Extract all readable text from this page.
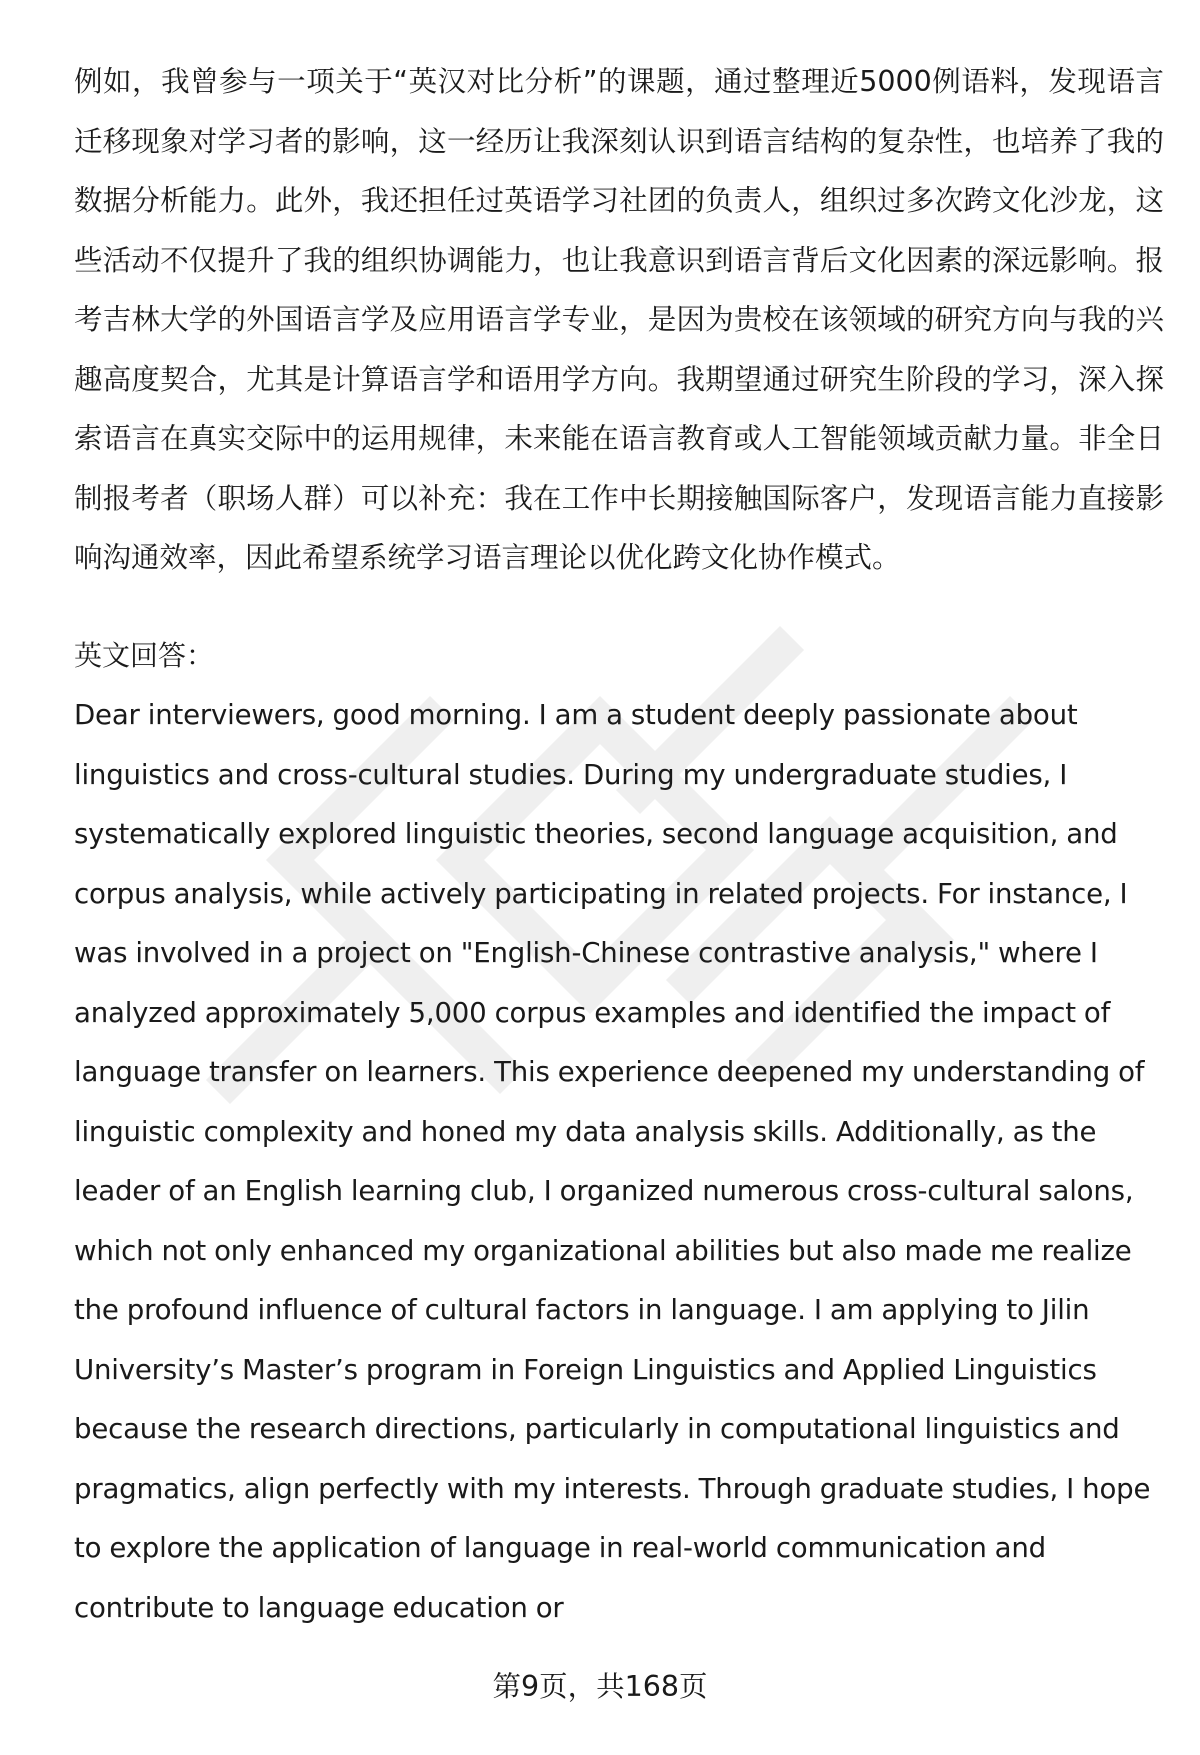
例如，我曾参与一项关于“英汉对比分析”的课题，通过整理近5000例语料，发现语言迁移现象对学习者的影响，这一经历让我深刻认识到语言结构的复杂性，也培养了我的数据分析能力。此外，我还担任过英语学习社团的负责人，组织过多次跨文化沙龙，这些活动不仅提升了我的组织协调能力，也让我意识到语言背后文化因素的深远影响。报考吉林大学的外国语言学及应用语言学专业，是因为贵校在该领域的研究方向与我的兴趣高度契合，尤其是计算语言学和语用学方向。我期望通过研究生阶段的学习，深入探索语言在真实交际中的运用规律，未来能在语言教育或人工智能领域贡献力量。非全日制报考者（职场人群）可以补充：我在工作中长期接触国际客户，发现语言能力直接影响沟通效率，因此希望系统学习语言理论以优化跨文化协作模式。

英文回答：

Dear interviewers, good morning. I am a student deeply passionate about linguistics and cross-cultural studies. During my undergraduate studies, I systematically explored linguistic theories, second language acquisition, and corpus analysis, while actively participating in related projects. For instance, I was involved in a project on "English-Chinese contrastive analysis," where I analyzed approximately 5,000 corpus examples and identified the impact of language transfer on learners. This experience deepened my understanding of linguistic complexity and honed my data analysis skills. Additionally, as the leader of an English learning club, I organized numerous cross-cultural salons, which not only enhanced my organizational abilities but also made me realize the profound influence of cultural factors in language. I am applying to Jilin University’s Master’s program in Foreign Linguistics and Applied Linguistics because the research directions, particularly in computational linguistics and pragmatics, align perfectly with my interests. Through graduate studies, I hope to explore the application of language in real-world communication and contribute to language education or

第9页，共168页
